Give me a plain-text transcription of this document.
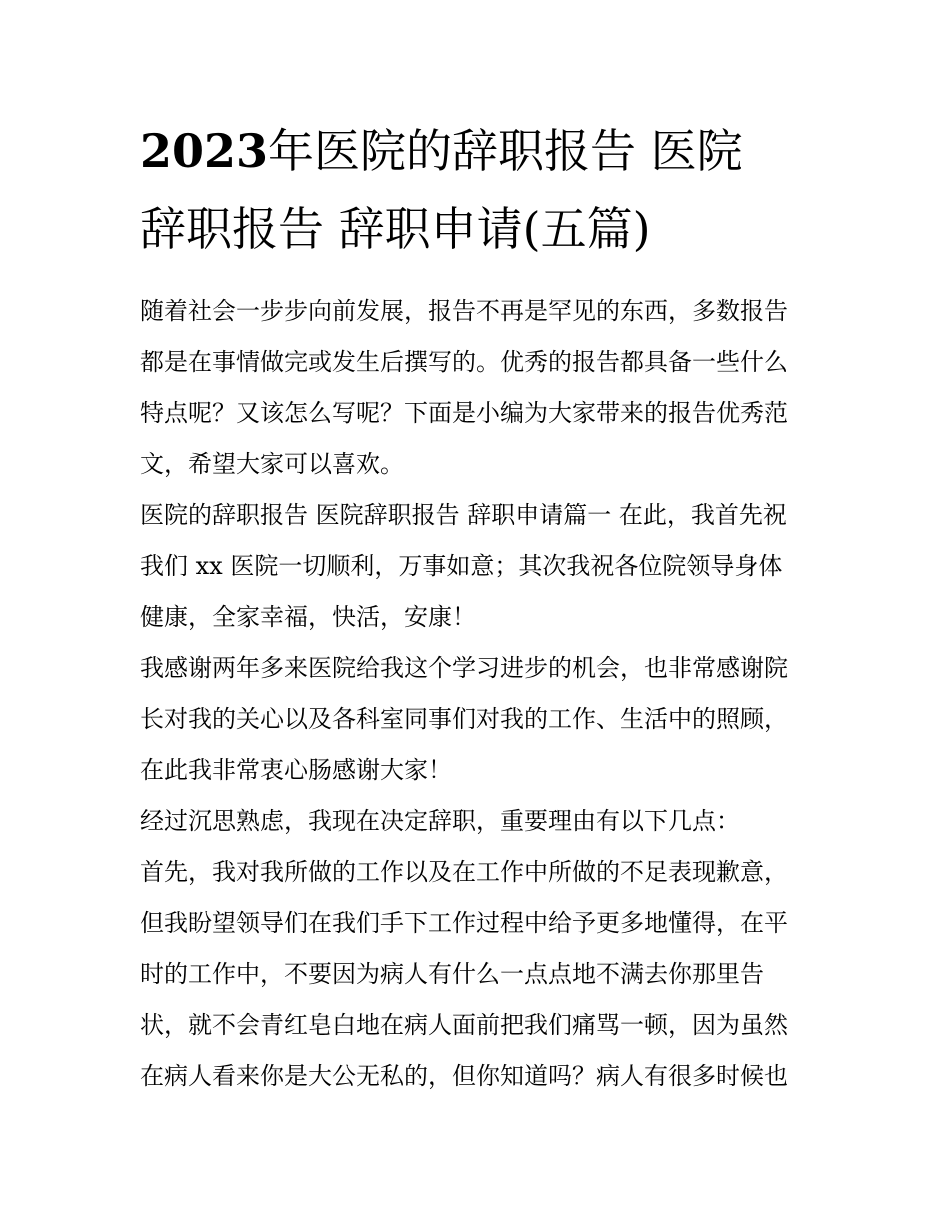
2023年医院的辞职报告 医院
辞职报告 辞职申请(五篇)
随着社会一步步向前发展，报告不再是罕见的东西，多数报告
都是在事情做完或发生后撰写的。优秀的报告都具备一些什么
特点呢？又该怎么写呢？下面是小编为大家带来的报告优秀范
文，希望大家可以喜欢。
医院的辞职报告 医院辞职报告 辞职申请篇一 在此，我首先祝
我们 xx 医院一切顺利，万事如意；其次我祝各位院领导身体
健康，全家幸福，快活，安康！
我感谢两年多来医院给我这个学习进步的机会，也非常感谢院
长对我的关心以及各科室同事们对我的工作、生活中的照顾，
在此我非常衷心肠感谢大家！
经过沉思熟虑，我现在决定辞职，重要理由有以下几点：
首先，我对我所做的工作以及在工作中所做的不足表现歉意，
但我盼望领导们在我们手下工作过程中给予更多地懂得，在平
时的工作中，不要因为病人有什么一点点地不满去你那里告
状，就不会青红皂白地在病人面前把我们痛骂一顿，因为虽然
在病人看来你是大公无私的，但你知道吗？病人有很多时候也
